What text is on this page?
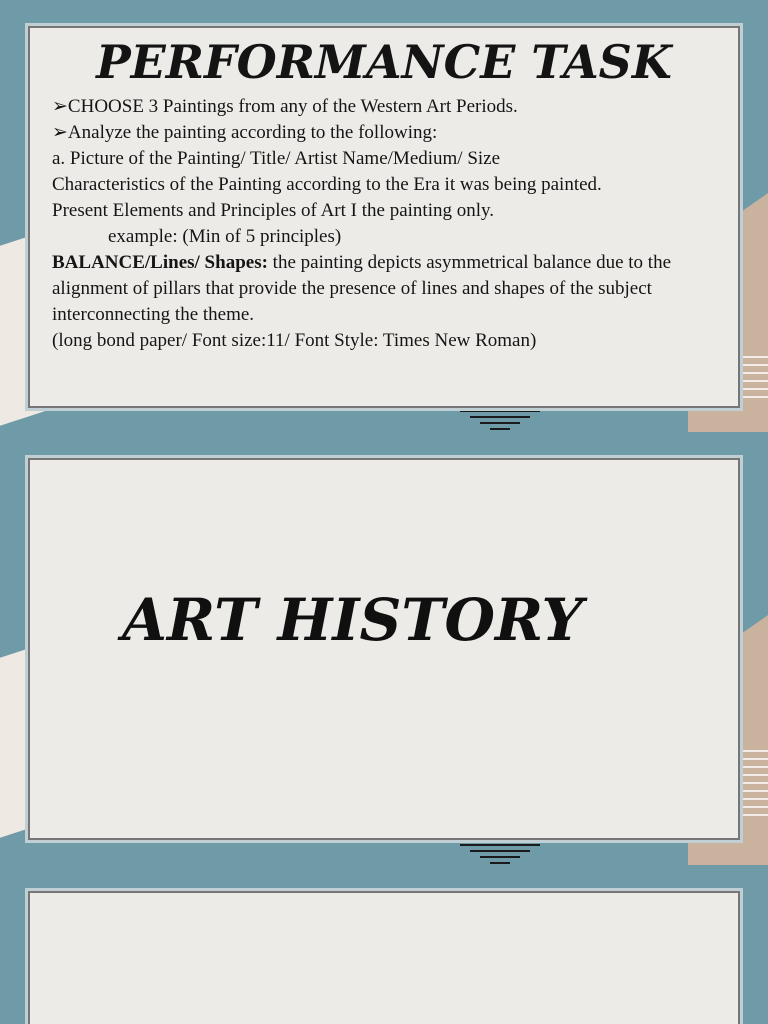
PERFORMANCE TASK

➢CHOOSE 3 Paintings from any of the Western Art Periods.

➢Analyze the painting according to the following:

a. Picture of the Painting/ Title/ Artist Name/Medium/ Size

Characteristics of the Painting according to the Era it was being painted.

Present Elements and Principles of Art I the painting only.

example: (Min of 5 principles)

BALANCE/Lines/ Shapes: the painting depicts asymmetrical balance due to the alignment of pillars that provide the presence of lines and shapes of the subject interconnecting the theme.

(long bond paper/ Font size:11/ Font Style: Times New Roman)

ART HISTORY
